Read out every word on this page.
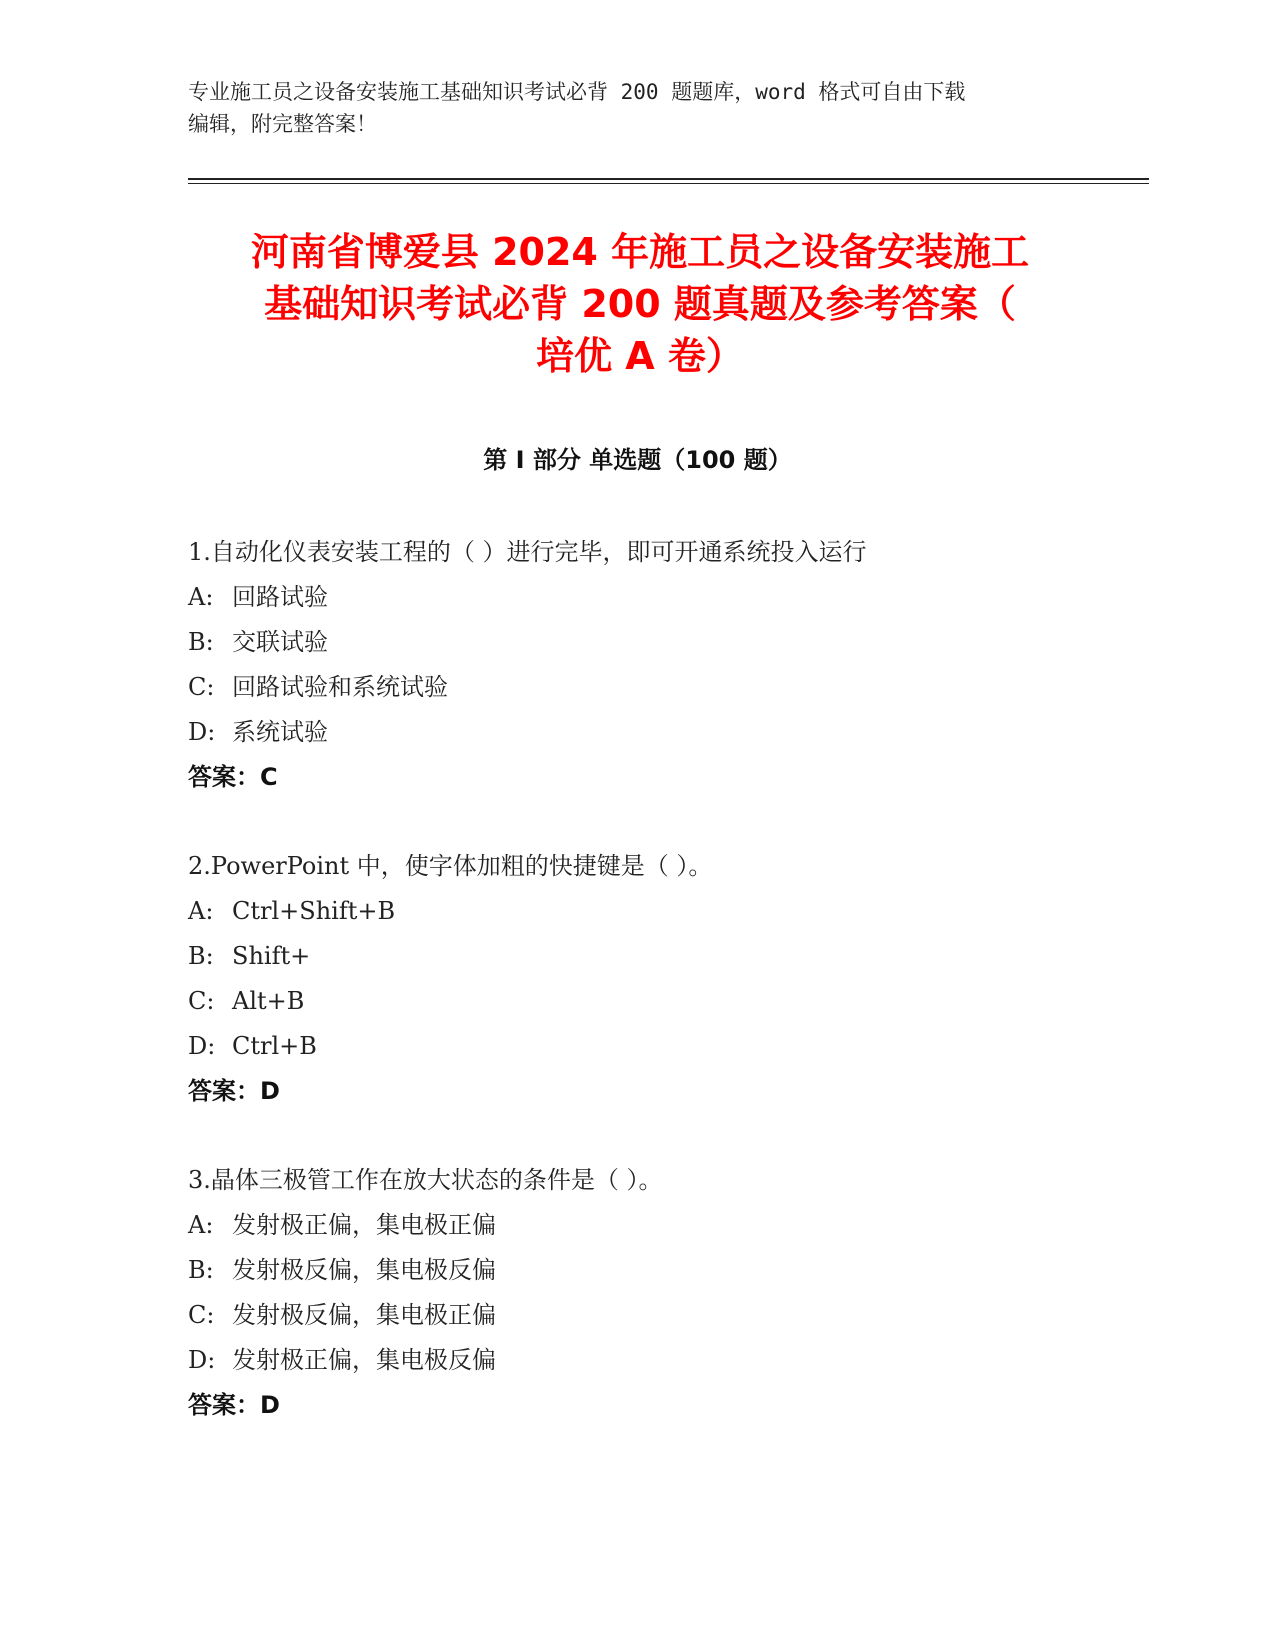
专业施工员之设备安装施工基础知识考试必背 200 题题库，word 格式可自由下载
编辑，附完整答案！
河南省博爱县 2024 年施工员之设备安装施工
基础知识考试必背 200 题真题及参考答案（
培优 A 卷）
第 I 部分 单选题（100 题）
1.自动化仪表安装工程的（ ）进行完毕，即可开通系统投入运行
A: 回路试验
B: 交联试验
C: 回路试验和系统试验
D: 系统试验
答案：C
2.PowerPoint 中，使字体加粗的快捷键是（ ）。
A: Ctrl+Shift+B
B: Shift+
C: Alt+B
D: Ctrl+B
答案：D
3.晶体三极管工作在放大状态的条件是（ ）。
A: 发射极正偏，集电极正偏
B: 发射极反偏，集电极反偏
C: 发射极反偏，集电极正偏
D: 发射极正偏，集电极反偏
答案：D
